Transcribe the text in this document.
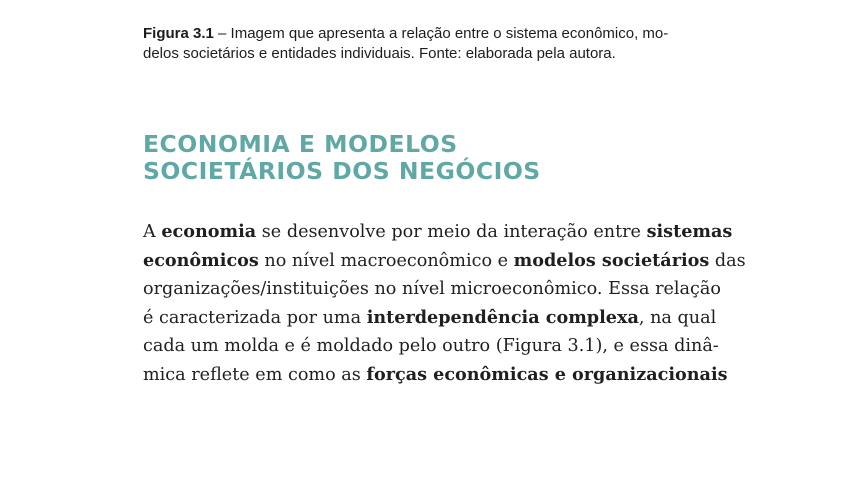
Figura 3.1 – Imagem que apresenta a relação entre o sistema econômico, mo-
delos societários e entidades individuais. Fonte: elaborada pela autora.
ECONOMIA E MODELOS
SOCIETÁRIOS DOS NEGÓCIOS
A economia se desenvolve por meio da interação entre sistemas
econômicos no nível macroeconômico e modelos societários das
organizações/instituições no nível microeconômico. Essa relação
é caracterizada por uma interdependência complexa, na qual
cada um molda e é moldado pelo outro (Figura 3.1), e essa dinâ-
mica reflete em como as forças econômicas e organizacionais
